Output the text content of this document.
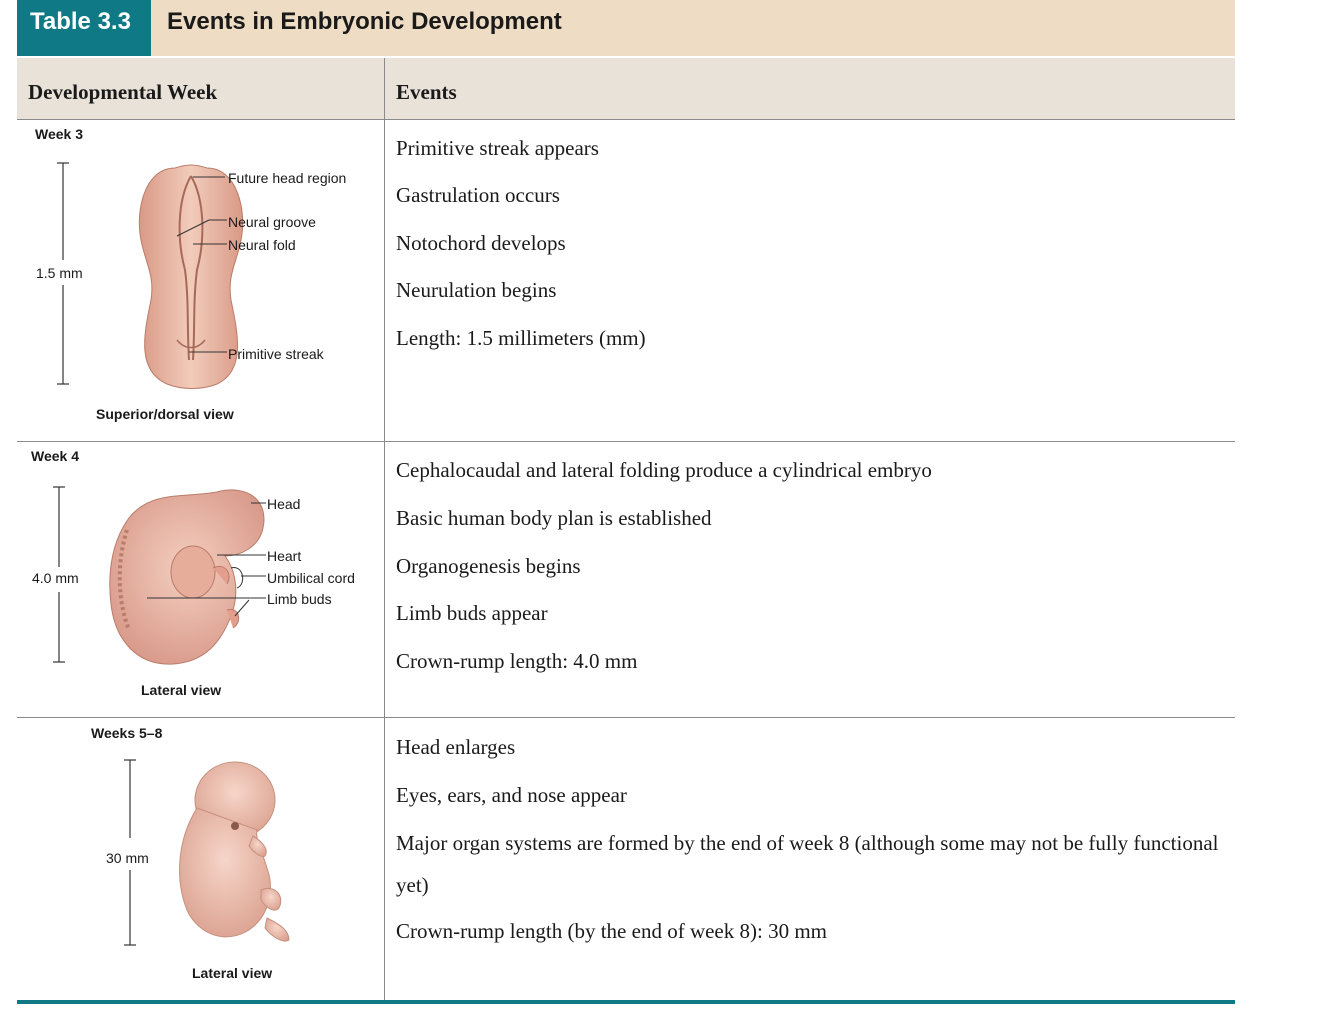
Table 3.3	Events in Embryonic Development
Developmental Week	Events
Week 3
1.5 mm
Future head region
Neural groove
Neural fold
Primitive streak
Superior/dorsal view
Primitive streak appears
Gastrulation occurs
Notochord develops
Neurulation begins
Length: 1.5 millimeters (mm)
Week 4
4.0 mm
Head
Heart
Umbilical cord
Limb buds
Lateral view
Cephalocaudal and lateral folding produce a cylindrical embryo
Basic human body plan is established
Organogenesis begins
Limb buds appear
Crown-rump length: 4.0 mm
Weeks 5–8
30 mm
Lateral view
Head enlarges
Eyes, ears, and nose appear
Major organ systems are formed by the end of week 8 (although some may not be fully functional yet)
Crown-rump length (by the end of week 8): 30 mm
